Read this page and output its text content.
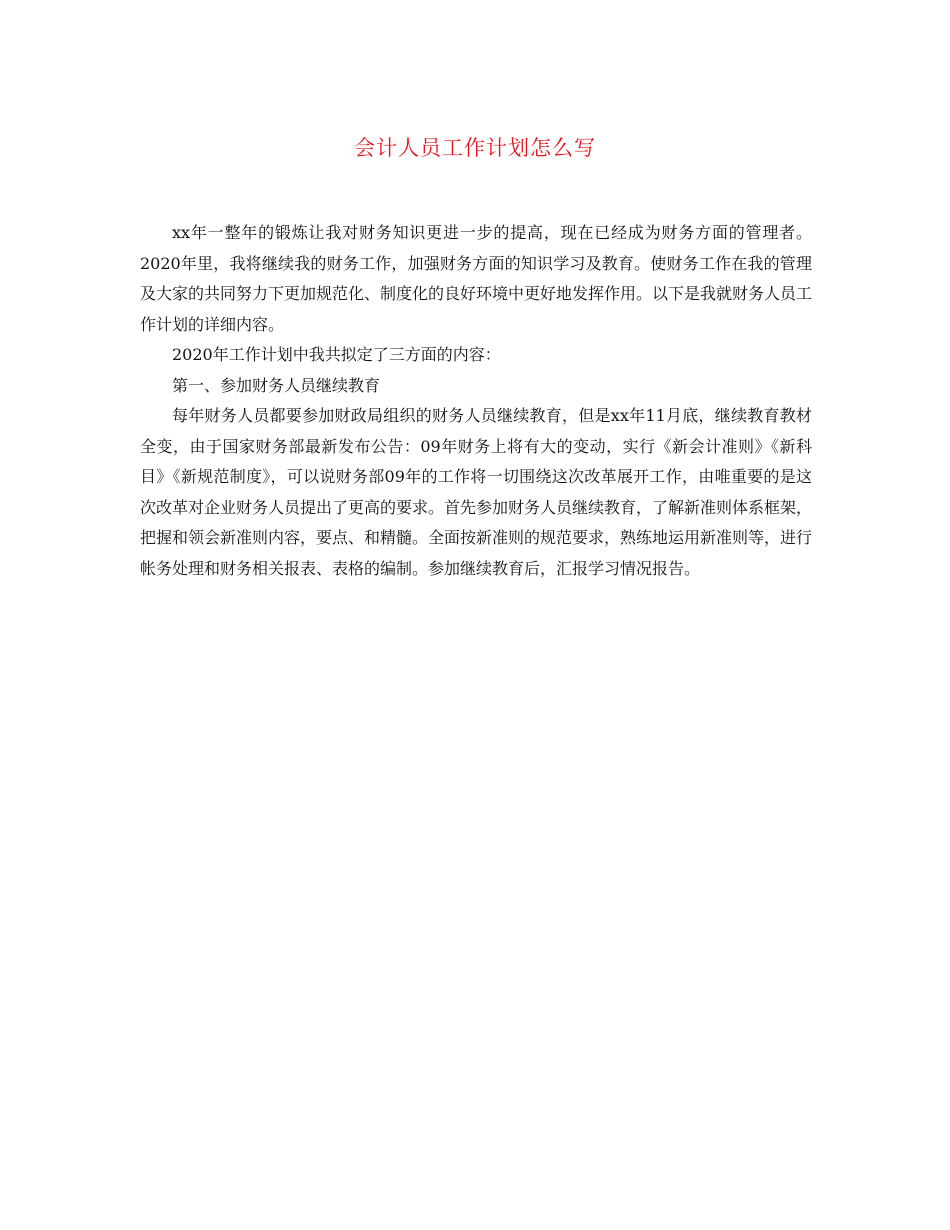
会计人员工作计划怎么写

xx年一整年的锻炼让我对财务知识更进一步的提高，现在已经成为财务方面的管理者。2020年里，我将继续我的财务工作，加强财务方面的知识学习及教育。使财务工作在我的管理及大家的共同努力下更加规范化、制度化的良好环境中更好地发挥作用。以下是我就财务人员工作计划的详细内容。

2020年工作计划中我共拟定了三方面的内容：

第一、参加财务人员继续教育

每年财务人员都要参加财政局组织的财务人员继续教育，但是xx年11月底，继续教育教材全变，由于国家财务部最新发布公告：09年财务上将有大的变动，实行《新会计准则》《新科目》《新规范制度》，可以说财务部09年的工作将一切围绕这次改革展开工作，由唯重要的是这次改革对企业财务人员提出了更高的要求。首先参加财务人员继续教育，了解新准则体系框架，把握和领会新准则内容，要点、和精髓。全面按新准则的规范要求，熟练地运用新准则等，进行帐务处理和财务相关报表、表格的编制。参加继续教育后，汇报学习情况报告。
